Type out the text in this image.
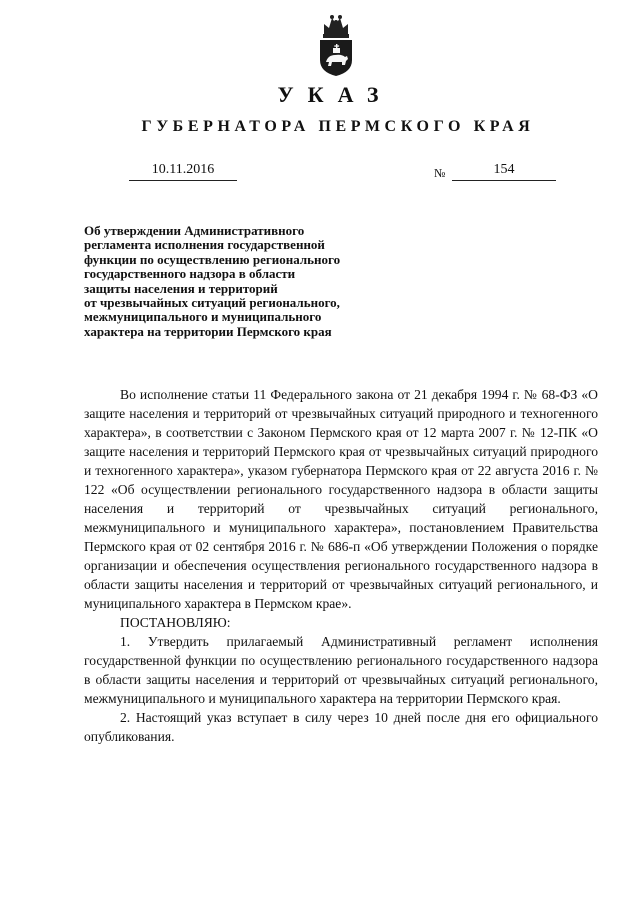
УКАЗ
ГУБЕРНАТОРА ПЕРМСКОГО КРАЯ
10.11.2016	№	154
Об утверждении Административного
регламента исполнения государственной
функции по осуществлению регионального
государственного надзора в области
защиты населения и территорий
от чрезвычайных ситуаций регионального,
межмуниципального и муниципального
характера на территории Пермского края

Во исполнение статьи 11 Федерального закона от 21 декабря 1994 г. № 68-ФЗ «О защите населения и территорий от чрезвычайных ситуаций природного и техногенного характера», в соответствии с Законом Пермского края от 12 марта 2007 г. № 12-ПК «О защите населения и территорий Пермского края от чрезвычайных ситуаций природного и техногенного характера», указом губернатора Пермского края от 22 августа 2016 г. № 122 «Об осуществлении регионального государственного надзора в области защиты населения и территорий от чрезвычайных ситуаций регионального, межмуниципального и муниципального характера», постановлением Правительства Пермского края от 02 сентября 2016 г. № 686-п «Об утверждении Положения о порядке организации и обеспечения осуществления регионального государственного надзора в области защиты населения и территорий от чрезвычайных ситуаций регионального, и муниципального характера в Пермском крае».

ПОСТАНОВЛЯЮ:

1. Утвердить прилагаемый Административный регламент исполнения государственной функции по осуществлению регионального государственного надзора в области защиты населения и территорий от чрезвычайных ситуаций регионального, межмуниципального и муниципального характера на территории Пермского края.

2. Настоящий указ вступает в силу через 10 дней после дня его официального опубликования.
